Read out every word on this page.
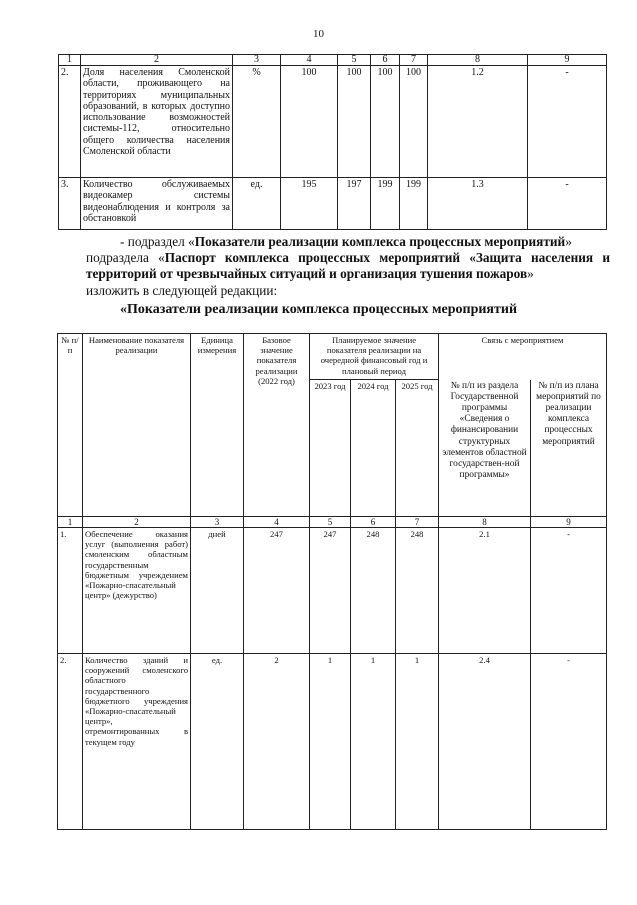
10
1	2	3	4	5	6	7	8	9
2.	Доля населения Смоленской области, проживающего на территориях муниципальных образований, в которых доступно использование возможностей системы-112, относительно общего количества населения Смоленской области	%	100	100	100	100	1.2	-
3.	Количество обслуживаемых видеокамер системы видеонаблюдения и контроля за обстановкой	ед.	195	197	199	199	1.3	-
- подраздел «Показатели реализации комплекса процессных мероприятий»
подраздела «Паспорт комплекса процессных мероприятий «Защита населения и территорий от чрезвычайных ситуаций и организация тушения пожаров»
изложить в следующей редакции:
«Показатели реализации комплекса процессных мероприятий
№ п/п	Наименование показателя реализации	Единица измерения	Базовое значение показателя реализации (2022 год)	Планируемое значение показателя реализации на очередной финансовый год и плановый период			Связь с мероприятием	
				2023 год	2024 год	2025 год	№ п/п из раздела Государственной программы «Сведения о финансировании структурных элементов областной государствен-ной программы»	№ п/п из плана мероприятий по реализации комплекса процессных мероприятий
1	2	3	4	5	6	7	8	9
1.	Обеспечение оказания услуг (выполнения работ) смоленским областным государственным бюджетным учреждением «Пожарно-спасательный центр» (дежурство)	дней	247	247	248	248	2.1	-
2.	Количество зданий и сооружений смоленского областного государственного бюджетного учреждения «Пожарно-спасательный центр», отремонтированных в текущем году	ед.	2	1	1	1	2.4	-
